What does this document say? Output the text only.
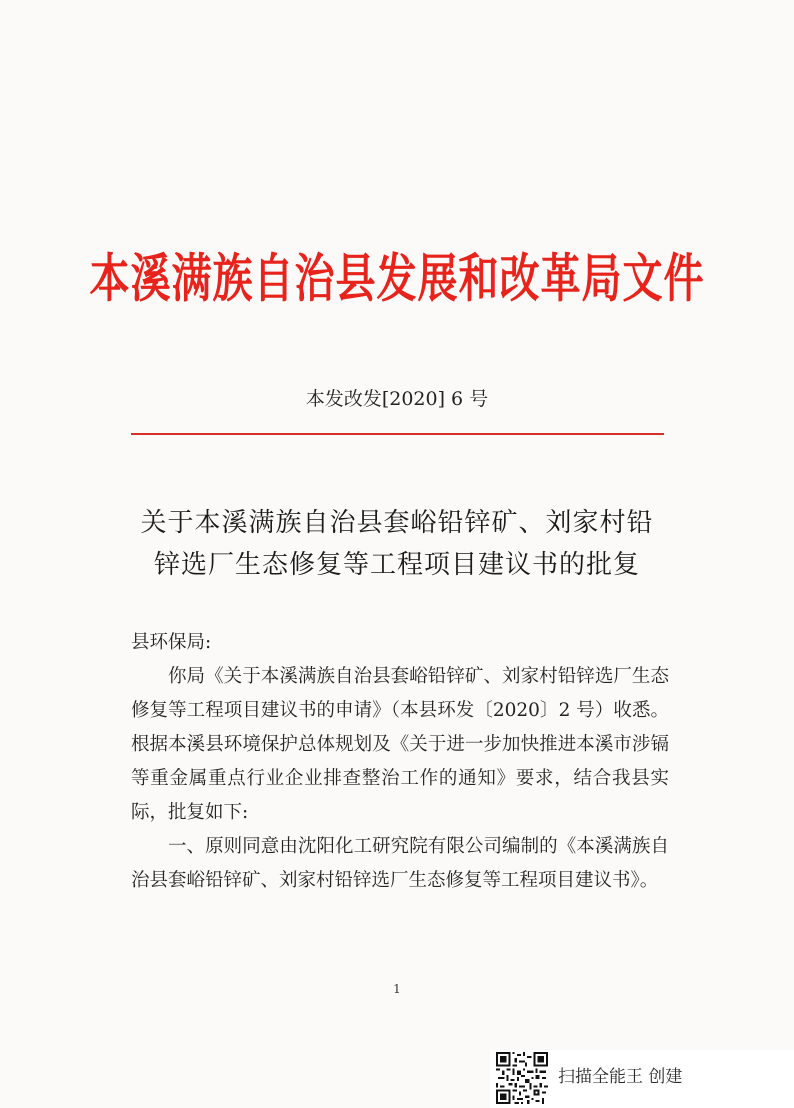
本溪满族自治县发展和改革局文件
本发改发[2020] 6 号
关于本溪满族自治县套峪铅锌矿、刘家村铅
锌选厂生态修复等工程项目建议书的批复

县环保局:

你局《关于本溪满族自治县套峪铅锌矿、刘家村铅锌选厂生态修复等工程项目建议书的申请》（本县环发〔2020〕2 号）收悉。根据本溪县环境保护总体规划及《关于进一步加快推进本溪市涉镉等重金属重点行业企业排查整治工作的通知》要求，结合我县实际，批复如下:

一、原则同意由沈阳化工研究院有限公司编制的《本溪满族自治县套峪铅锌矿、刘家村铅锌选厂生态修复等工程项目建议书》。

1
扫描全能王 创建
